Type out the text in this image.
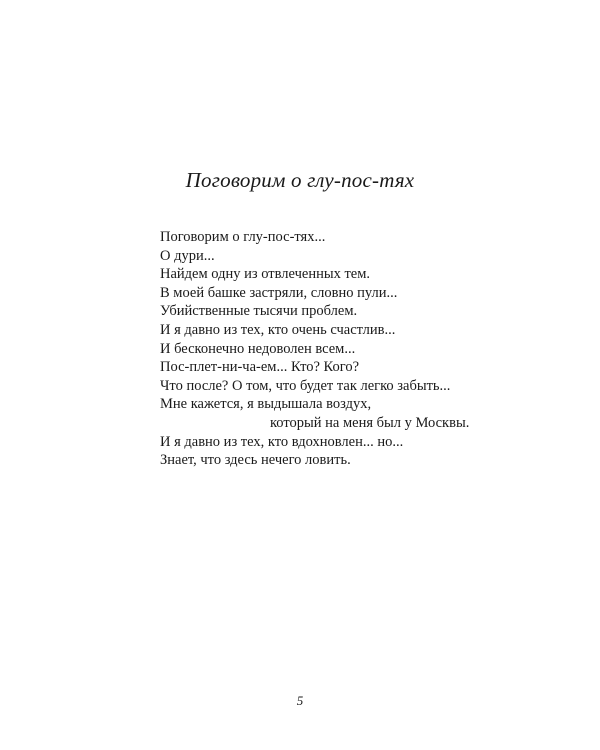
Поговорим о глу-пос-тях
Поговорим о глу-пос-тях...
О дури...
Найдем одну из отвлеченных тем.
В моей башке застряли, словно пули...
Убийственные тысячи проблем.
И я давно из тех, кто очень счастлив...
И бесконечно недоволен всем...
Пос-плет-ни-ча-ем... Кто? Кого?
Что после? О том, что будет так легко забыть...
Мне кажется, я выдышала воздух,
который на меня был у Москвы.
И я давно из тех, кто вдохновлен... но...
Знает, что здесь нечего ловить.
5
